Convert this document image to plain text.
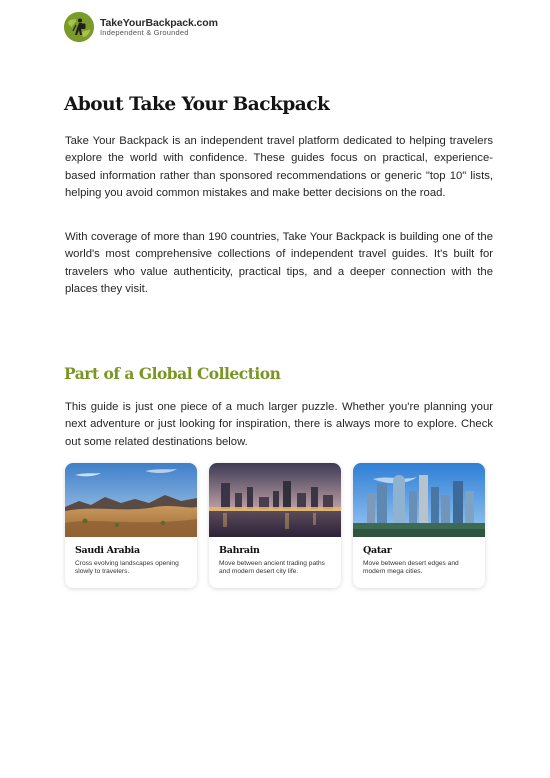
TakeYourBackpack.com
Independent & Grounded
About Take Your Backpack

Take Your Backpack is an independent travel platform dedicated to helping travelers explore the world with confidence. These guides focus on practical, experience-based information rather than sponsored recommendations or generic "top 10" lists, helping you avoid common mistakes and make better decisions on the road.

With coverage of more than 190 countries, Take Your Backpack is building one of the world's most comprehensive collections of independent travel guides. It's built for travelers who value authenticity, practical tips, and a deeper connection with the places they visit.

Part of a Global Collection

This guide is just one piece of a much larger puzzle. Whether you're planning your next adventure or just looking for inspiration, there is always more to explore. Check out some related destinations below.

Saudi Arabia
Cross evolving landscapes opening slowly to travelers.
Bahrain
Move between ancient trading paths and modern desert city life.
Qatar
Move between desert edges and modern mega cities.
